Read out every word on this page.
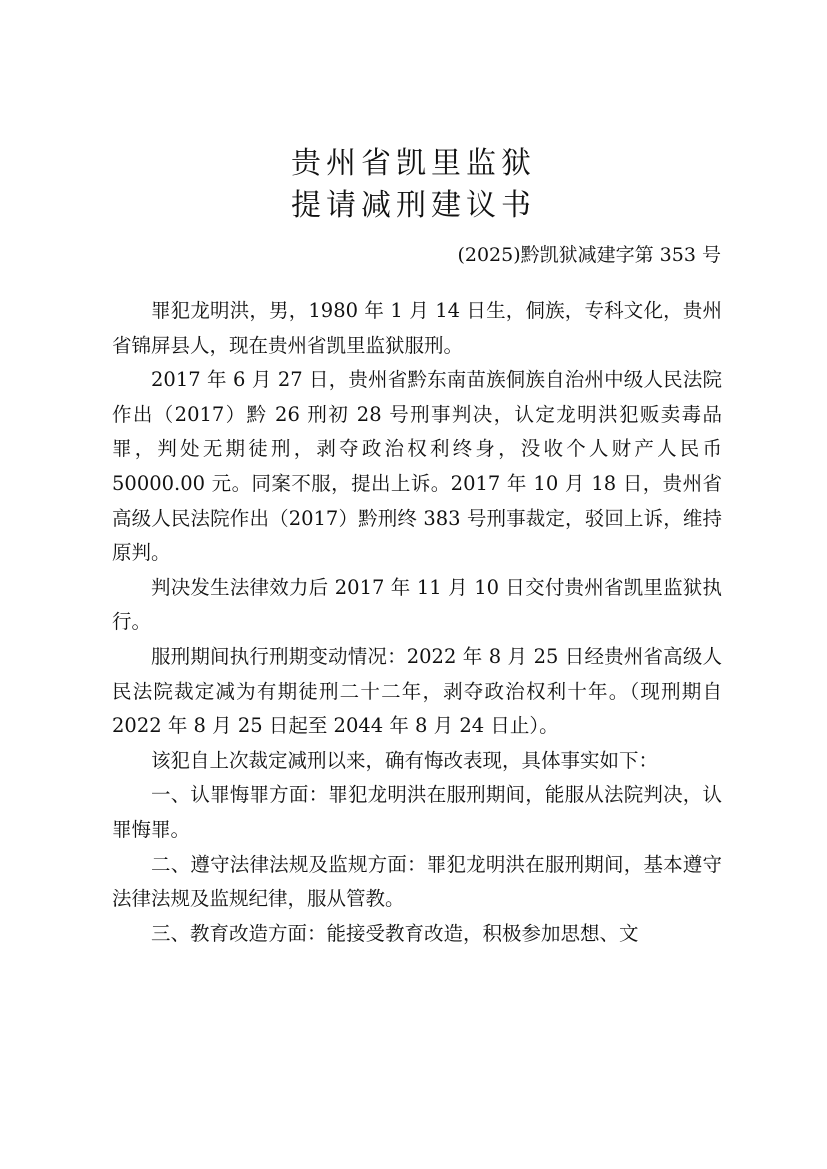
贵州省凯里监狱
提请减刑建议书

(2025)黔凯狱减建字第 353 号

罪犯龙明洪，男，1980 年 1 月 14 日生，侗族，专科文化，贵州省锦屏县人，现在贵州省凯里监狱服刑。

2017 年 6 月 27 日，贵州省黔东南苗族侗族自治州中级人民法院作出（2017）黔 26 刑初 28 号刑事判决，认定龙明洪犯贩卖毒品罪，判处无期徒刑，剥夺政治权利终身，没收个人财产人民币 50000.00 元。同案不服，提出上诉。2017 年 10 月 18 日，贵州省高级人民法院作出（2017）黔刑终 383 号刑事裁定，驳回上诉，维持原判。

判决发生法律效力后 2017 年 11 月 10 日交付贵州省凯里监狱执行。

服刑期间执行刑期变动情况：2022 年 8 月 25 日经贵州省高级人民法院裁定减为有期徒刑二十二年，剥夺政治权利十年。（现刑期自 2022 年 8 月 25 日起至 2044 年 8 月 24 日止）。

该犯自上次裁定减刑以来，确有悔改表现，具体事实如下：

一、认罪悔罪方面：罪犯龙明洪在服刑期间，能服从法院判决，认罪悔罪。

二、遵守法律法规及监规方面：罪犯龙明洪在服刑期间，基本遵守法律法规及监规纪律，服从管教。

三、教育改造方面：能接受教育改造，积极参加思想、文
